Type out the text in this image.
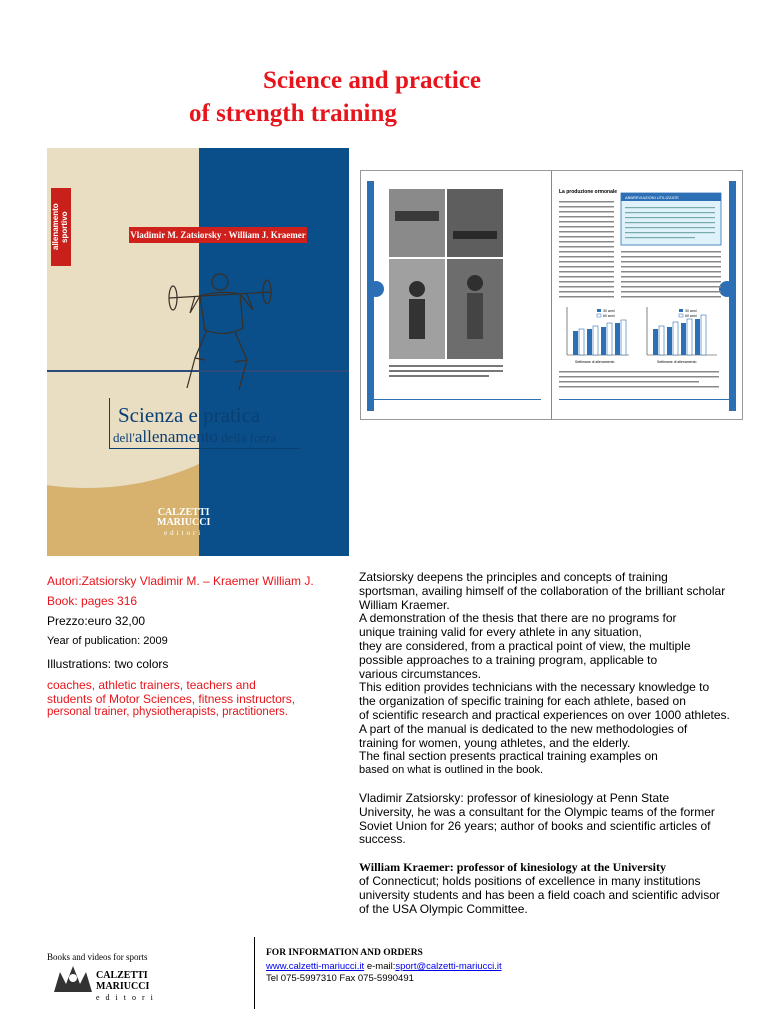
Science and practice
of strength training
allenamento sportivo	Vladimir M. Zatsiorsky · William J. Kraemer
Scienza e pratica
dell'allenamento della forza
CALZETTI
MARIUCCI
editori
La produzione ormonale
ABBREVIAZIONI UTILIZZATE
30 anni
60 anni
30 anni
60 anni
Settimane di allenamento	Settimane di allenamento
Autori:Zatsiorsky Vladimir M. – Kraemer William J.
Book: pages 316
Prezzo:euro 32,00
Year of publication: 2009
Illustrations: two colors
coaches, athletic trainers, teachers and
students of Motor Sciences, fitness instructors,
personal trainer, physiotherapists, practitioners.
Zatsiorsky deepens the principles and concepts of training
sportsman, availing himself of the collaboration of the brilliant scholar
William Kraemer.
A demonstration of the thesis that there are no programs for
unique training valid for every athlete in any situation,
they are considered, from a practical point of view, the multiple
possible approaches to a training program, applicable to
various circumstances.
This edition provides technicians with the necessary knowledge to
the organization of specific training for each athlete, based on
of scientific research and practical experiences on over 1000 athletes.
A part of the manual is dedicated to the new methodologies of
training for women, young athletes, and the elderly.
The final section presents practical training examples on
based on what is outlined in the book.
Vladimir Zatsiorsky: professor of kinesiology at Penn State
University, he was a consultant for the Olympic teams of the former
Soviet Union for 26 years; author of books and scientific articles of
success.
William Kraemer: professor of kinesiology at the University
of Connecticut; holds positions of excellence in many institutions
university students and has been a field coach and scientific advisor
of the USA Olympic Committee.
Books and videos for sports
CALZETTI
MARIUCCI
editori
FOR INFORMATION AND ORDERS
www.calzetti-mariucci.it e-mail:sport@calzetti-mariucci.it
Tel 075-5997310 Fax 075-5990491
